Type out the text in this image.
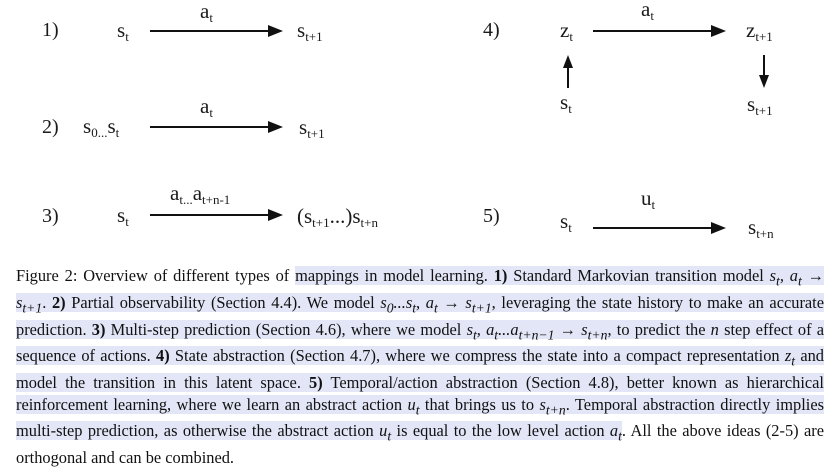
1)	st
at
st+1
2) s0...st
at
st+1
3)	st
at...at+n-1
(st+1...)st+n
4)	zt
at
zt+1
st	st+1
5)	st
ut
st+n
Figure 2: Overview of different types of mappings in model learning. 1) Standard Markovian transition model $s_t$, $a_t \to s_{t+1}$. 2) Partial observability (Section 4.4). We model $s_0...s_t$, $a_t \to s_{t+1}$, leveraging the state history to make an accurate prediction. 3) Multi-step prediction (Section 4.6), where we model $s_t$, $a_t...a_{t+n-1} \to s_{t+n}$, to predict the n step effect of a sequence of actions. 4) State abstraction (Section 4.7), where we compress the state into a compact representation $z_t$ and model the transition in this latent space. 5) Temporal/action abstraction (Section 4.8), better known as hierarchical reinforcement learning, where we learn an abstract action $u_t$ that brings us to $s_{t+n}$. Temporal abstraction directly implies multi-step prediction, as otherwise the abstract action $u_t$ is equal to the low level action $a_t$. All the above ideas (2-5) are orthogonal and can be combined.
